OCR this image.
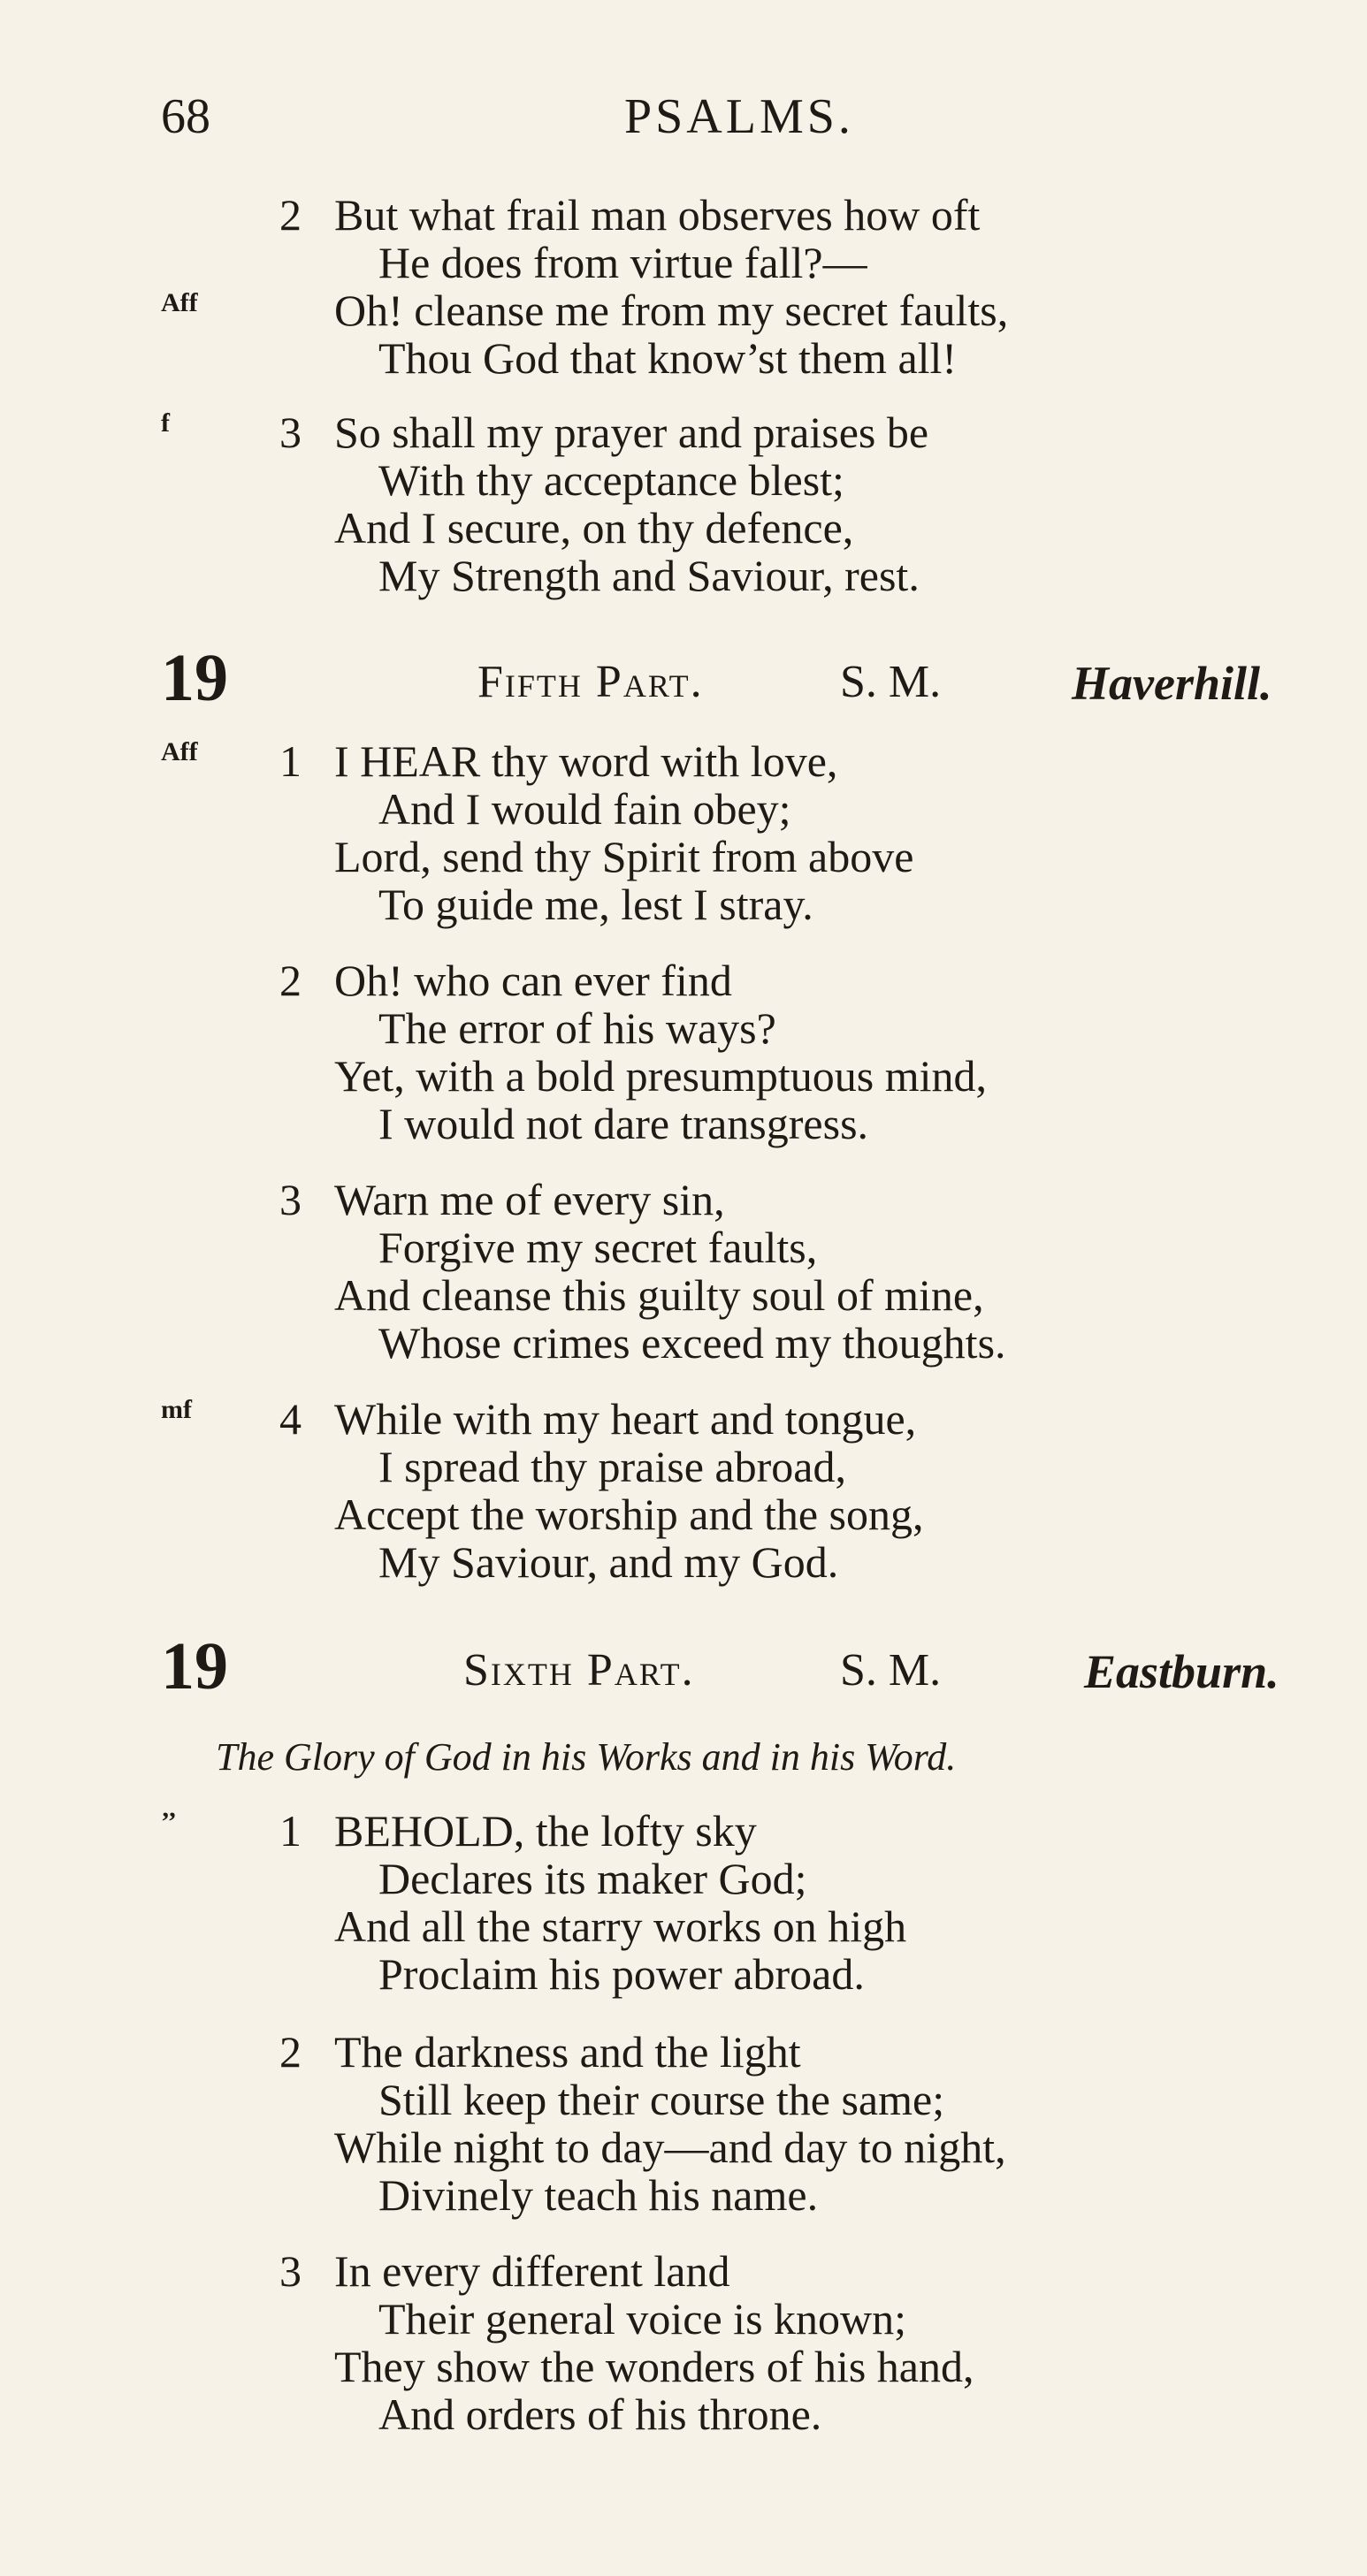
68	PSALMS.
Aff
2 But what frail man observes how oft
He does from virtue fall?—
Oh! cleanse me from my secret faults,
Thou God that know’st them all!
f 3 So shall my prayer and praises be
With thy acceptance blest;
And I secure, on thy defence,
My Strength and Saviour, rest.
19	Fifth Part.	S. M.	Haverhill.
Aff 1 I HEAR thy word with love,
And I would fain obey;
Lord, send thy Spirit from above
To guide me, lest I stray.
2 Oh! who can ever find
The error of his ways?
Yet, with a bold presumptuous mind,
I would not dare transgress.
3 Warn me of every sin,
Forgive my secret faults,
And cleanse this guilty soul of mine,
Whose crimes exceed my thoughts.
mf 4 While with my heart and tongue,
I spread thy praise abroad,
Accept the worship and the song,
My Saviour, and my God.
19	Sixth Part.	S. M.	Eastburn.
The Glory of God in his Works and in his Word.
’’ 1 BEHOLD, the lofty sky
Declares its maker God;
And all the starry works on high
Proclaim his power abroad.
2 The darkness and the light
Still keep their course the same;
While night to day—and day to night,
Divinely teach his name.
3 In every different land
Their general voice is known;
They show the wonders of his hand,
And orders of his throne.
